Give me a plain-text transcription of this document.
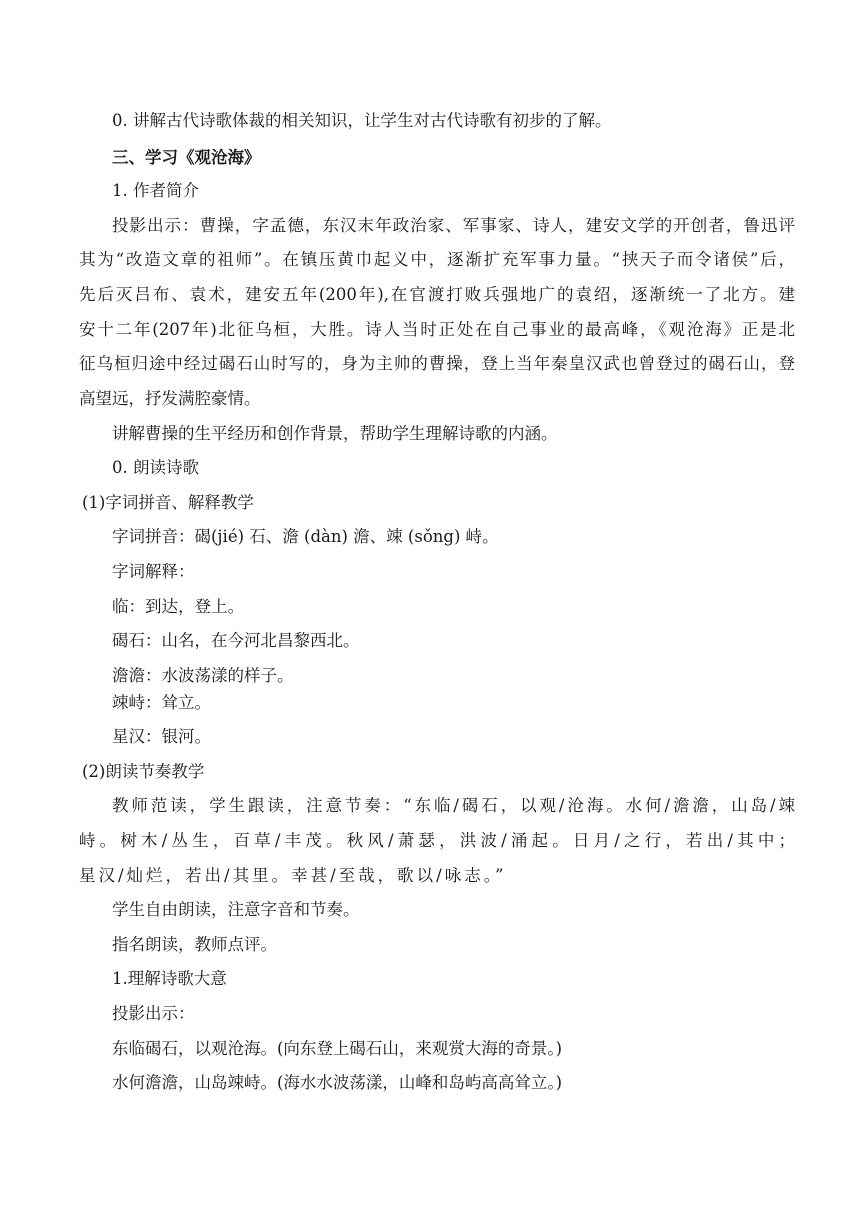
0. 讲解古代诗歌体裁的相关知识，让学生对古代诗歌有初步的了解。
三、学习《观沧海》
1. 作者简介
投影出示：曹操，字孟德，东汉末年政治家、军事家、诗人，建安文学的开创者，鲁迅评
其为“改造文章的祖师”。在镇压黄巾起义中，逐渐扩充军事力量。“挟天子而令诸侯”后，
先后灭吕布、袁术，建安五年(200年),在官渡打败兵强地广的袁绍，逐渐统一了北方。建
安十二年(207年)北征乌桓，大胜。诗人当时正处在自己事业的最高峰，《观沧海》正是北
征乌桓归途中经过碣石山时写的，身为主帅的曹操，登上当年秦皇汉武也曾登过的碣石山，登
高望远，抒发满腔豪情。
讲解曹操的生平经历和创作背景，帮助学生理解诗歌的内涵。
0. 朗读诗歌
(1)字词拼音、解释教学
字词拼音：碣(jié) 石、澹 (dàn) 澹、竦 (sǒng) 峙。
字词解释：
临：到达，登上。
碣石：山名，在今河北昌黎西北。
澹澹：水波荡漾的样子。
竦峙：耸立。
星汉：银河。
(2)朗读节奏教学
教师范读，学生跟读，注意节奏：“东临/碣石，以观/沧海。水何/澹澹，山岛/竦
峙。树木/丛生，百草/丰茂。秋风/萧瑟，洪波/涌起。日月/之行，若出/其中；
星汉/灿烂，若出/其里。幸甚/至哉，歌以/咏志。”
学生自由朗读，注意字音和节奏。
指名朗读，教师点评。
1.理解诗歌大意
投影出示：
东临碣石，以观沧海。(向东登上碣石山，来观赏大海的奇景。)
水何澹澹，山岛竦峙。(海水水波荡漾，山峰和岛屿高高耸立。)
